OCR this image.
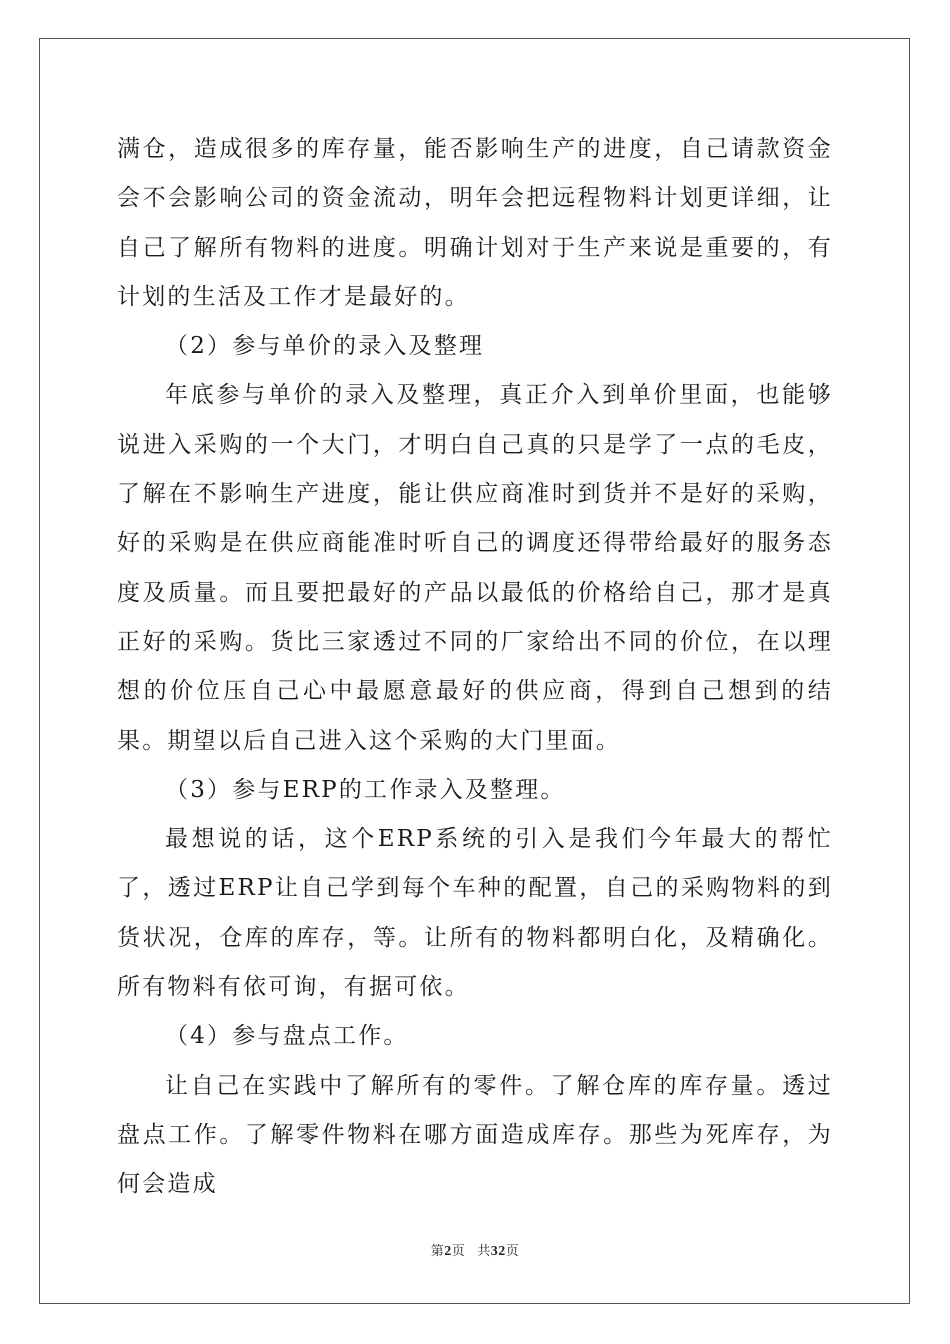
满仓，造成很多的库存量，能否影响生产的进度，自己请款资金会不会影响公司的资金流动，明年会把远程物料计划更详细，让自己了解所有物料的进度。明确计划对于生产来说是重要的，有计划的生活及工作才是最好的。

（2）参与单价的录入及整理

年底参与单价的录入及整理，真正介入到单价里面，也能够说进入采购的一个大门，才明白自己真的只是学了一点的毛皮，了解在不影响生产进度，能让供应商准时到货并不是好的采购，好的采购是在供应商能准时听自己的调度还得带给最好的服务态度及质量。而且要把最好的产品以最低的价格给自己，那才是真正好的采购。货比三家透过不同的厂家给出不同的价位，在以理想的价位压自己心中最愿意最好的供应商，得到自己想到的结果。期望以后自己进入这个采购的大门里面。

（3）参与ERP的工作录入及整理。

最想说的话，这个ERP系统的引入是我们今年最大的帮忙了，透过ERP让自己学到每个车种的配置，自己的采购物料的到货状况，仓库的库存，等。让所有的物料都明白化，及精确化。所有物料有依可询，有据可依。

（4）参与盘点工作。

让自己在实践中了解所有的零件。了解仓库的库存量。透过盘点工作。了解零件物料在哪方面造成库存。那些为死库存，为何会造成

第2页 共32页
